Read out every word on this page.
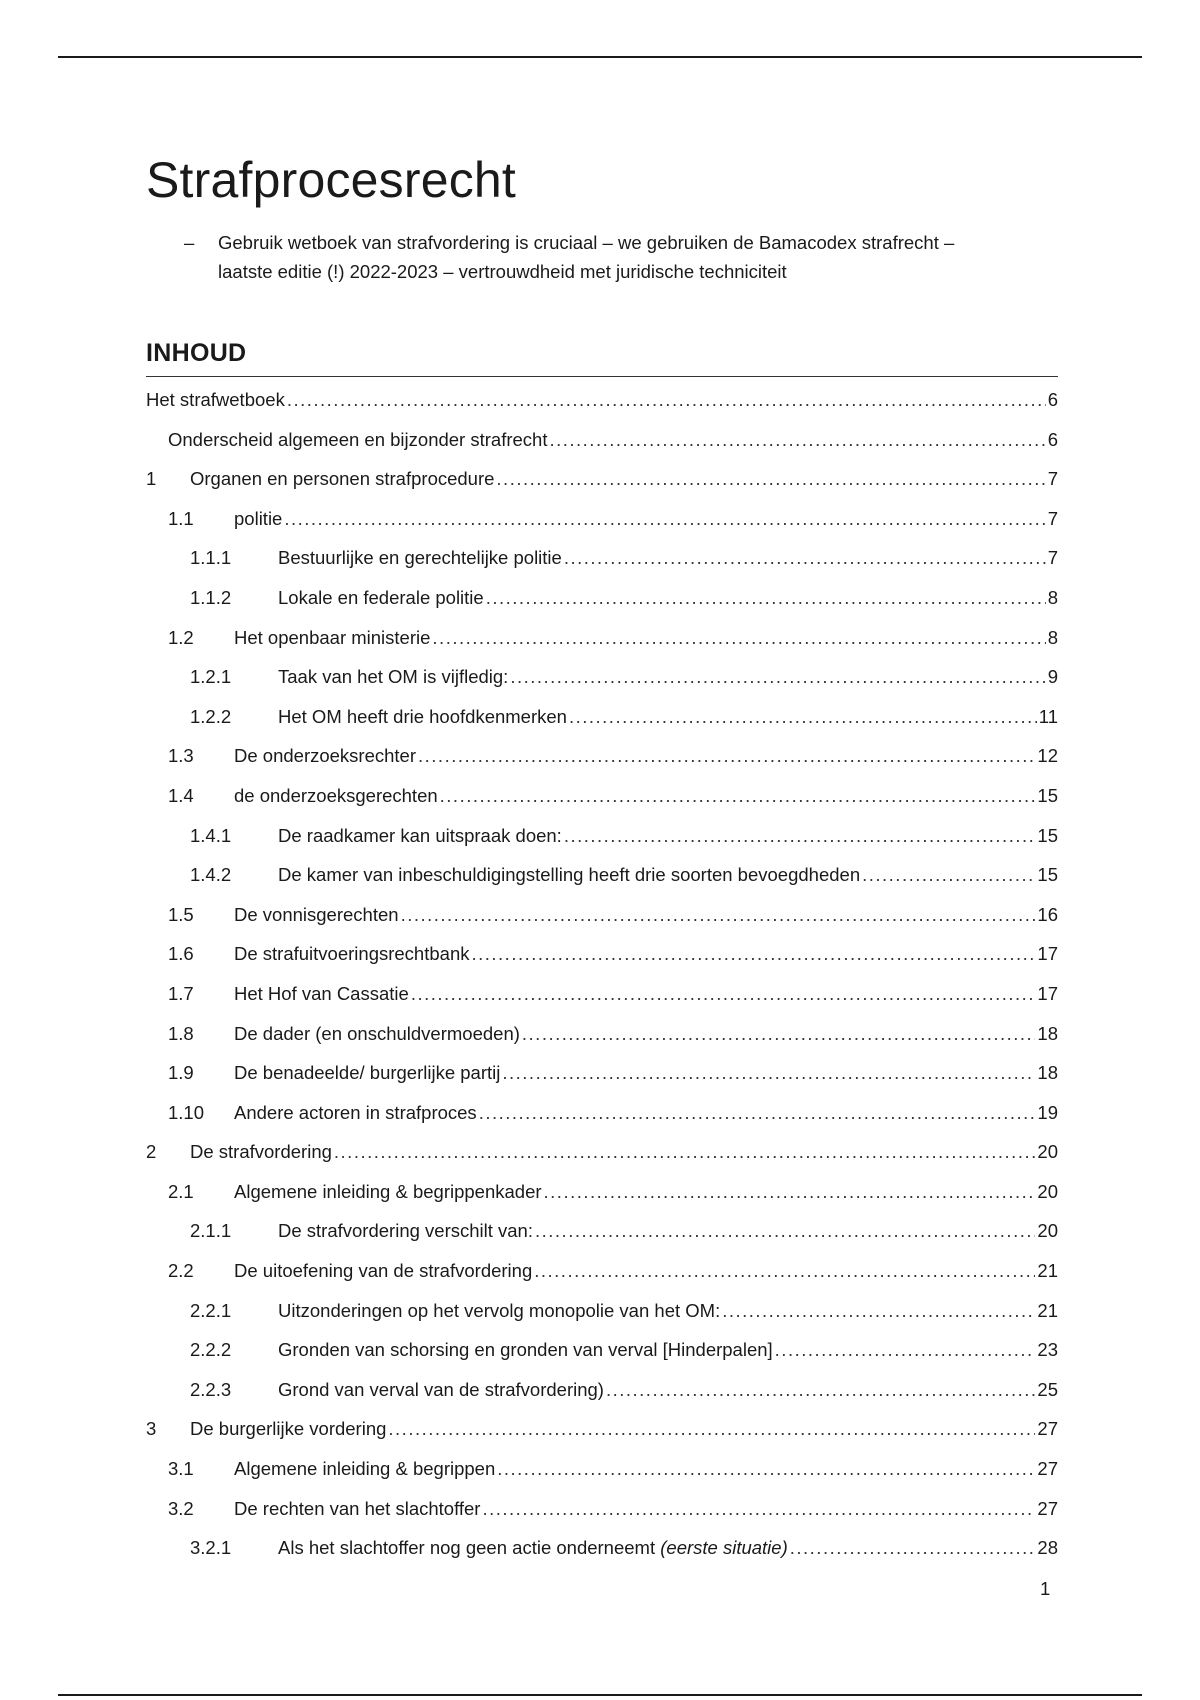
Strafprocesrecht
– Gebruik wetboek van strafvordering is cruciaal – we gebruiken de Bamacodex strafrecht –
laatste editie (!) 2022-2023 – vertrouwdheid met juridische techniciteit
INHOUD
Het strafwetboek .....	6
Onderscheid algemeen en bijzonder strafrecht .....	6
1	Organen en personen strafprocedure .....	7
1.1	politie .....	7
1.1.1	Bestuurlijke en gerechtelijke politie .....	7
1.1.2	Lokale en federale politie .....	8
1.2	Het openbaar ministerie .....	8
1.2.1	Taak van het OM is vijfledig: .....	9
1.2.2	Het OM heeft drie hoofdkenmerken .....	11
1.3	De onderzoeksrechter .....	12
1.4	de onderzoeksgerechten .....	15
1.4.1	De raadkamer kan uitspraak doen: .....	15
1.4.2	De kamer van inbeschuldigingstelling heeft drie soorten bevoegdheden .....	15
1.5	De vonnisgerechten .....	16
1.6	De strafuitvoeringsrechtbank .....	17
1.7	Het Hof van Cassatie .....	17
1.8	De dader (en onschuldvermoeden) .....	18
1.9	De benadeelde/ burgerlijke partij .....	18
1.10	Andere actoren in strafproces .....	19
2	De strafvordering .....	20
2.1	Algemene inleiding & begrippenkader .....	20
2.1.1	De strafvordering verschilt van: .....	20
2.2	De uitoefening van de strafvordering .....	21
2.2.1	Uitzonderingen op het vervolg monopolie van het OM: .....	21
2.2.2	Gronden van schorsing en gronden van verval [Hinderpalen] .....	23
2.2.3	Grond van verval van de strafvordering) .....	25
3	De burgerlijke vordering .....	27
3.1	Algemene inleiding & begrippen .....	27
3.2	De rechten van het slachtoffer .....	27
3.2.1	Als het slachtoffer nog geen actie onderneemt (eerste situatie) .....	28
1
